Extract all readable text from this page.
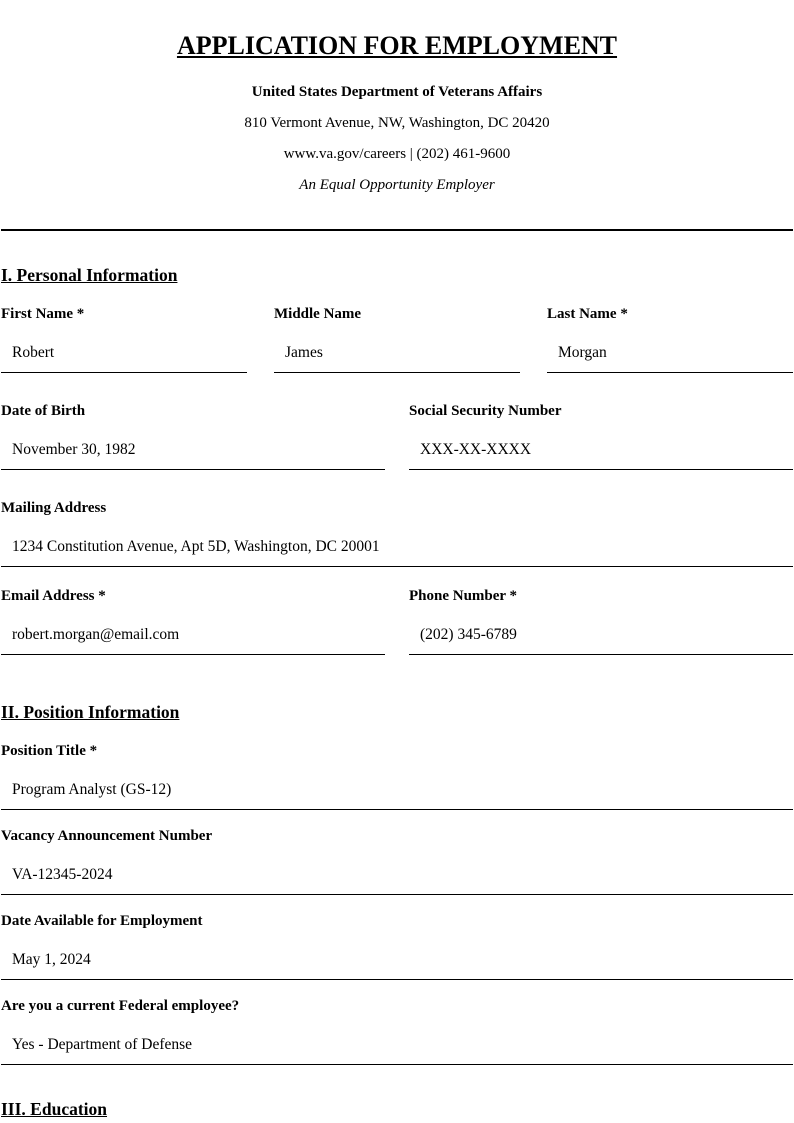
APPLICATION FOR EMPLOYMENT

United States Department of Veterans Affairs

810 Vermont Avenue, NW, Washington, DC 20420

www.va.gov/careers | (202) 461-9600

An Equal Opportunity Employer

I. Personal Information
First Name *
Robert
Middle Name
James
Last Name *
Morgan
Date of Birth
November 30, 1982
Social Security Number
XXX-XX-XXXX
Mailing Address
1234 Constitution Avenue, Apt 5D, Washington, DC 20001
Email Address *
robert.morgan@email.com
Phone Number *
(202) 345-6789
II. Position Information
Position Title *
Program Analyst (GS-12)
Vacancy Announcement Number
VA-12345-2024
Date Available for Employment
May 1, 2024
Are you a current Federal employee?
Yes - Department of Defense
III. Education
